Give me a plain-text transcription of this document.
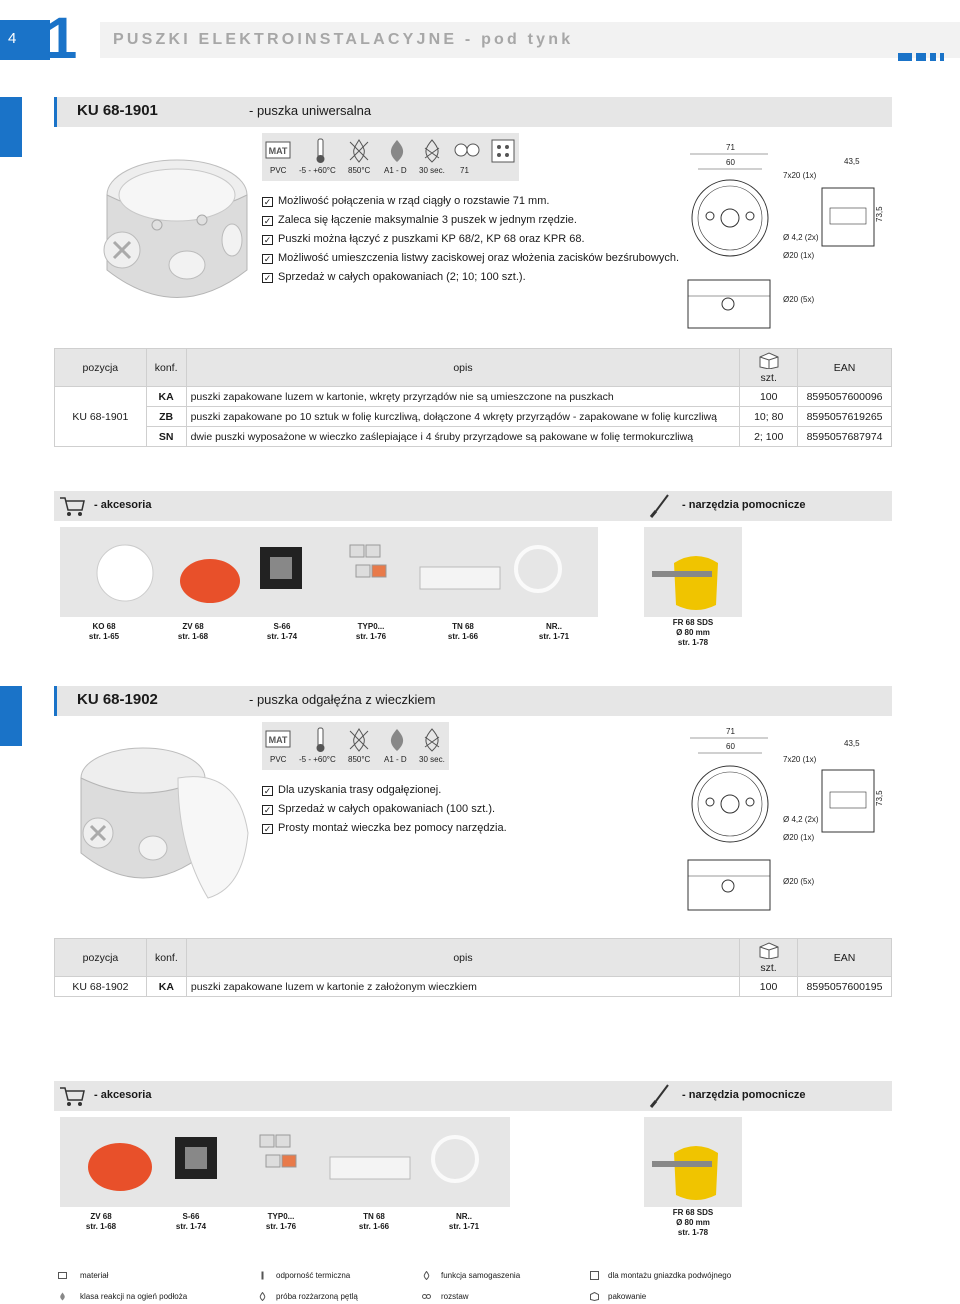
4 1 PUSZKI ELEKTROINSTALACYJNE - pod tynk
KU 68-1901	- puszka uniwersalna
MAT
PVC -5 - +60°C 850°C A1 - D 30 sec. 71
✓ Możliwość połączenia w rząd ciągły o rozstawie 71 mm.
✓ Zaleca się łączenie maksymalnie 3 puszek w jednym rzędzie.
✓ Puszki można łączyć z puszkami KP 68/2, KP 68 oraz KPR 68.
✓ Możliwość umieszczenia listwy zaciskowej oraz włożenia zacisków bezśrubowych.
✓ Sprzedaż w całych opakowaniach (2; 10; 100 szt.).
71
60
7x20 (1x)
43,5
73,5
Ø 4,2 (2x)
Ø20 (1x)
Ø20 (5x)
pozycja	konf.	opis	szt.	EAN
KU 68-1901	KA	puszki zapakowane luzem w kartonie, wkręty przyrządów nie są umieszczone na puszkach	100	8595057600096
	ZB	puszki zapakowane po 10 sztuk w folię kurczliwą, dołączone 4 wkręty przyrządów - zapakowane w folię kurczliwą	10; 80	8595057619265
	SN	dwie puszki wyposażone w wieczko zaślepiające i 4 śruby przyrządowe są pakowane w folię termokurczliwą	2; 100	8595057687974
- akcesoria	- narzędzia pomocnicze
KO 68
str. 1-65
ZV 68
str. 1-68
S-66
str. 1-74
TYP0...
str. 1-76
TN 68
str. 1-66
NR..
str. 1-71
FR 68 SDS
Ø 80 mm
str. 1-78
KU 68-1902	- puszka odgałęźna z wieczkiem
MAT
PVC -5 - +60°C 850°C A1 - D 30 sec.
✓ Dla uzyskania trasy odgałęzionej.
✓ Sprzedaż w całych opakowaniach (100 szt.).
✓ Prosty montaż wieczka bez pomocy narzędzia.
71
60
7x20 (1x)
43,5
73,5
Ø 4,2 (2x)
Ø20 (1x)
Ø20 (5x)
pozycja	konf.	opis	szt.	EAN
KU 68-1902	KA	puszki zapakowane luzem w kartonie z założonym wieczkiem	100	8595057600195
- akcesoria	- narzędzia pomocnicze
ZV 68
str. 1-68
S-66
str. 1-74
TYP0...
str. 1-76
TN 68
str. 1-66
NR..
str. 1-71
FR 68 SDS
Ø 80 mm
str. 1-78
materiał	odporność termiczna	funkcja samogaszenia	dla montażu gniazdka podwójnego
klasa reakcji na ogień podłoża	próba rozżarzoną pętlą	rozstaw	pakowanie
